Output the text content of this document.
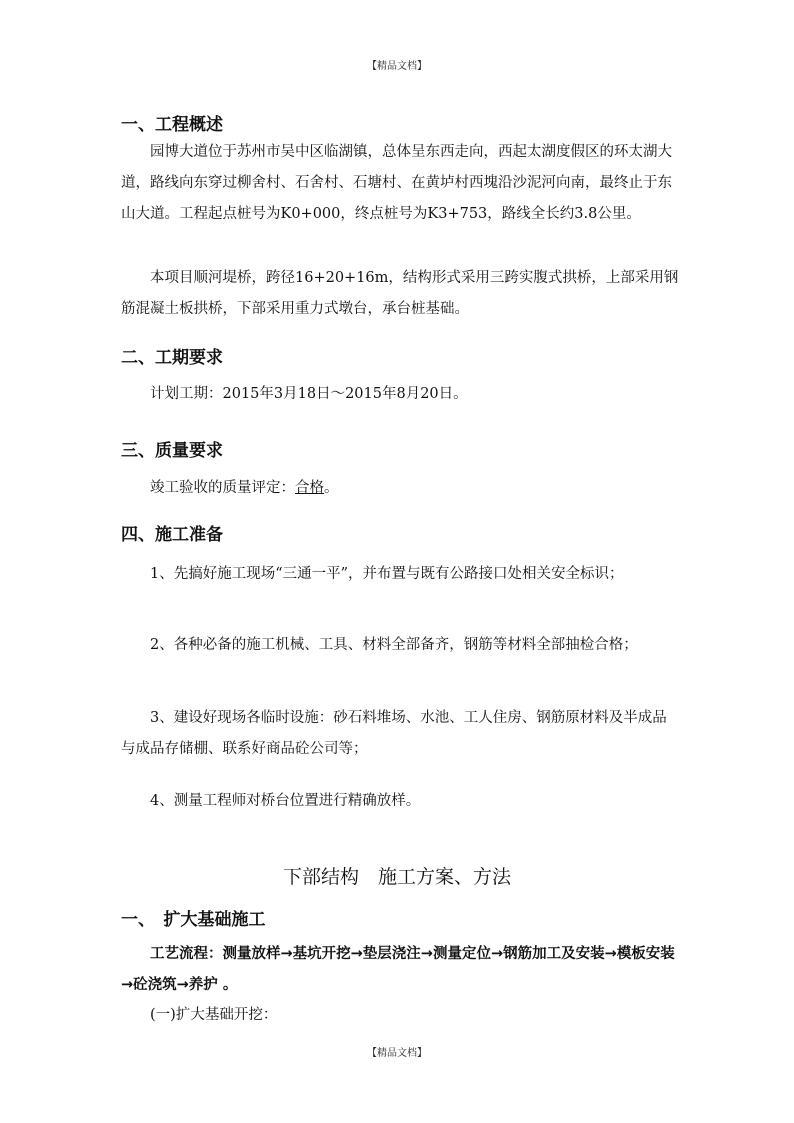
【精品文档】
一、工程概述

园博大道位于苏州市吴中区临湖镇，总体呈东西走向，西起太湖度假区的环太湖大道，路线向东穿过柳舍村、石舍村、石塘村、在黄垆村西塊沿沙泥河向南，最终止于东山大道。工程起点桩号为K0+000，终点桩号为K3+753，路线全长约3.8公里。

本项目顺河堤桥，跨径16+20+16m，结构形式采用三跨实腹式拱桥，上部采用钢筋混凝土板拱桥，下部采用重力式墩台，承台桩基础。

二、工期要求

计划工期：2015年3月18日～2015年8月20日。

三、质量要求

竣工验收的质量评定：合格。

四、施工准备

1、先搞好施工现场“三通一平”，并布置与既有公路接口处相关安全标识；

2、各种必备的施工机械、工具、材料全部备齐，钢筋等材料全部抽检合格；

3、建设好现场各临时设施：砂石料堆场、水池、工人住房、钢筋原材料及半成品与成品存储棚、联系好商品砼公司等；

4、测量工程师对桥台位置进行精确放样。

下部结构　施工方案、方法
一、　扩大基础施工

工艺流程：测量放样→基坑开挖→垫层浇注→测量定位→钢筋加工及安装→模板安装→砼浇筑→养护 。

(一)扩大基础开挖：

【精品文档】
